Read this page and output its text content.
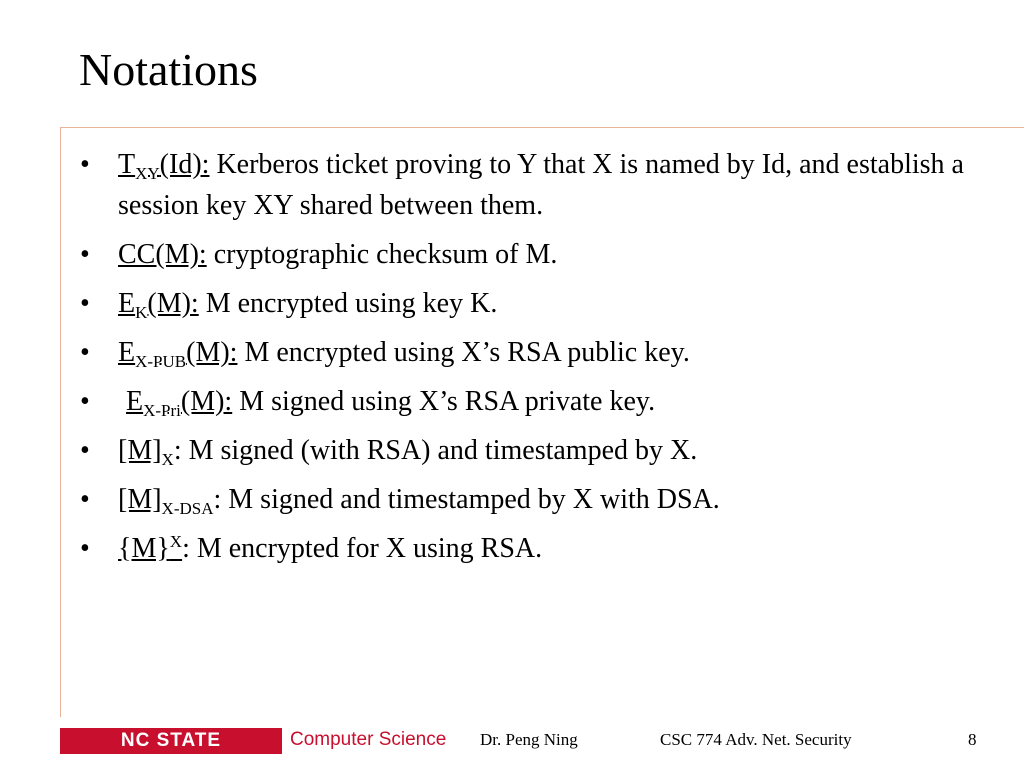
Notations
• $T_{XY}(Id)$: Kerberos ticket proving to Y that X is named by Id, and establish a session key XY shared between them.
• CC(M): cryptographic checksum of M.
• $E_K(M)$: M encrypted using key K.
• $E_{X-PUB}(M)$: M encrypted using X’s RSA public key.
• $E_{X-Pri}(M)$: M signed using X’s RSA private key.
• $[M]_X$: M signed (with RSA) and timestamped by X.
• $[M]_{X-DSA}$: M signed and timestamped by X with DSA.
• $\{M\}^X$: M encrypted for X using RSA.
NC STATE UNIVERSITY
Computer Science Dr. Peng Ning	CSC 774 Adv. Net. Security	8
